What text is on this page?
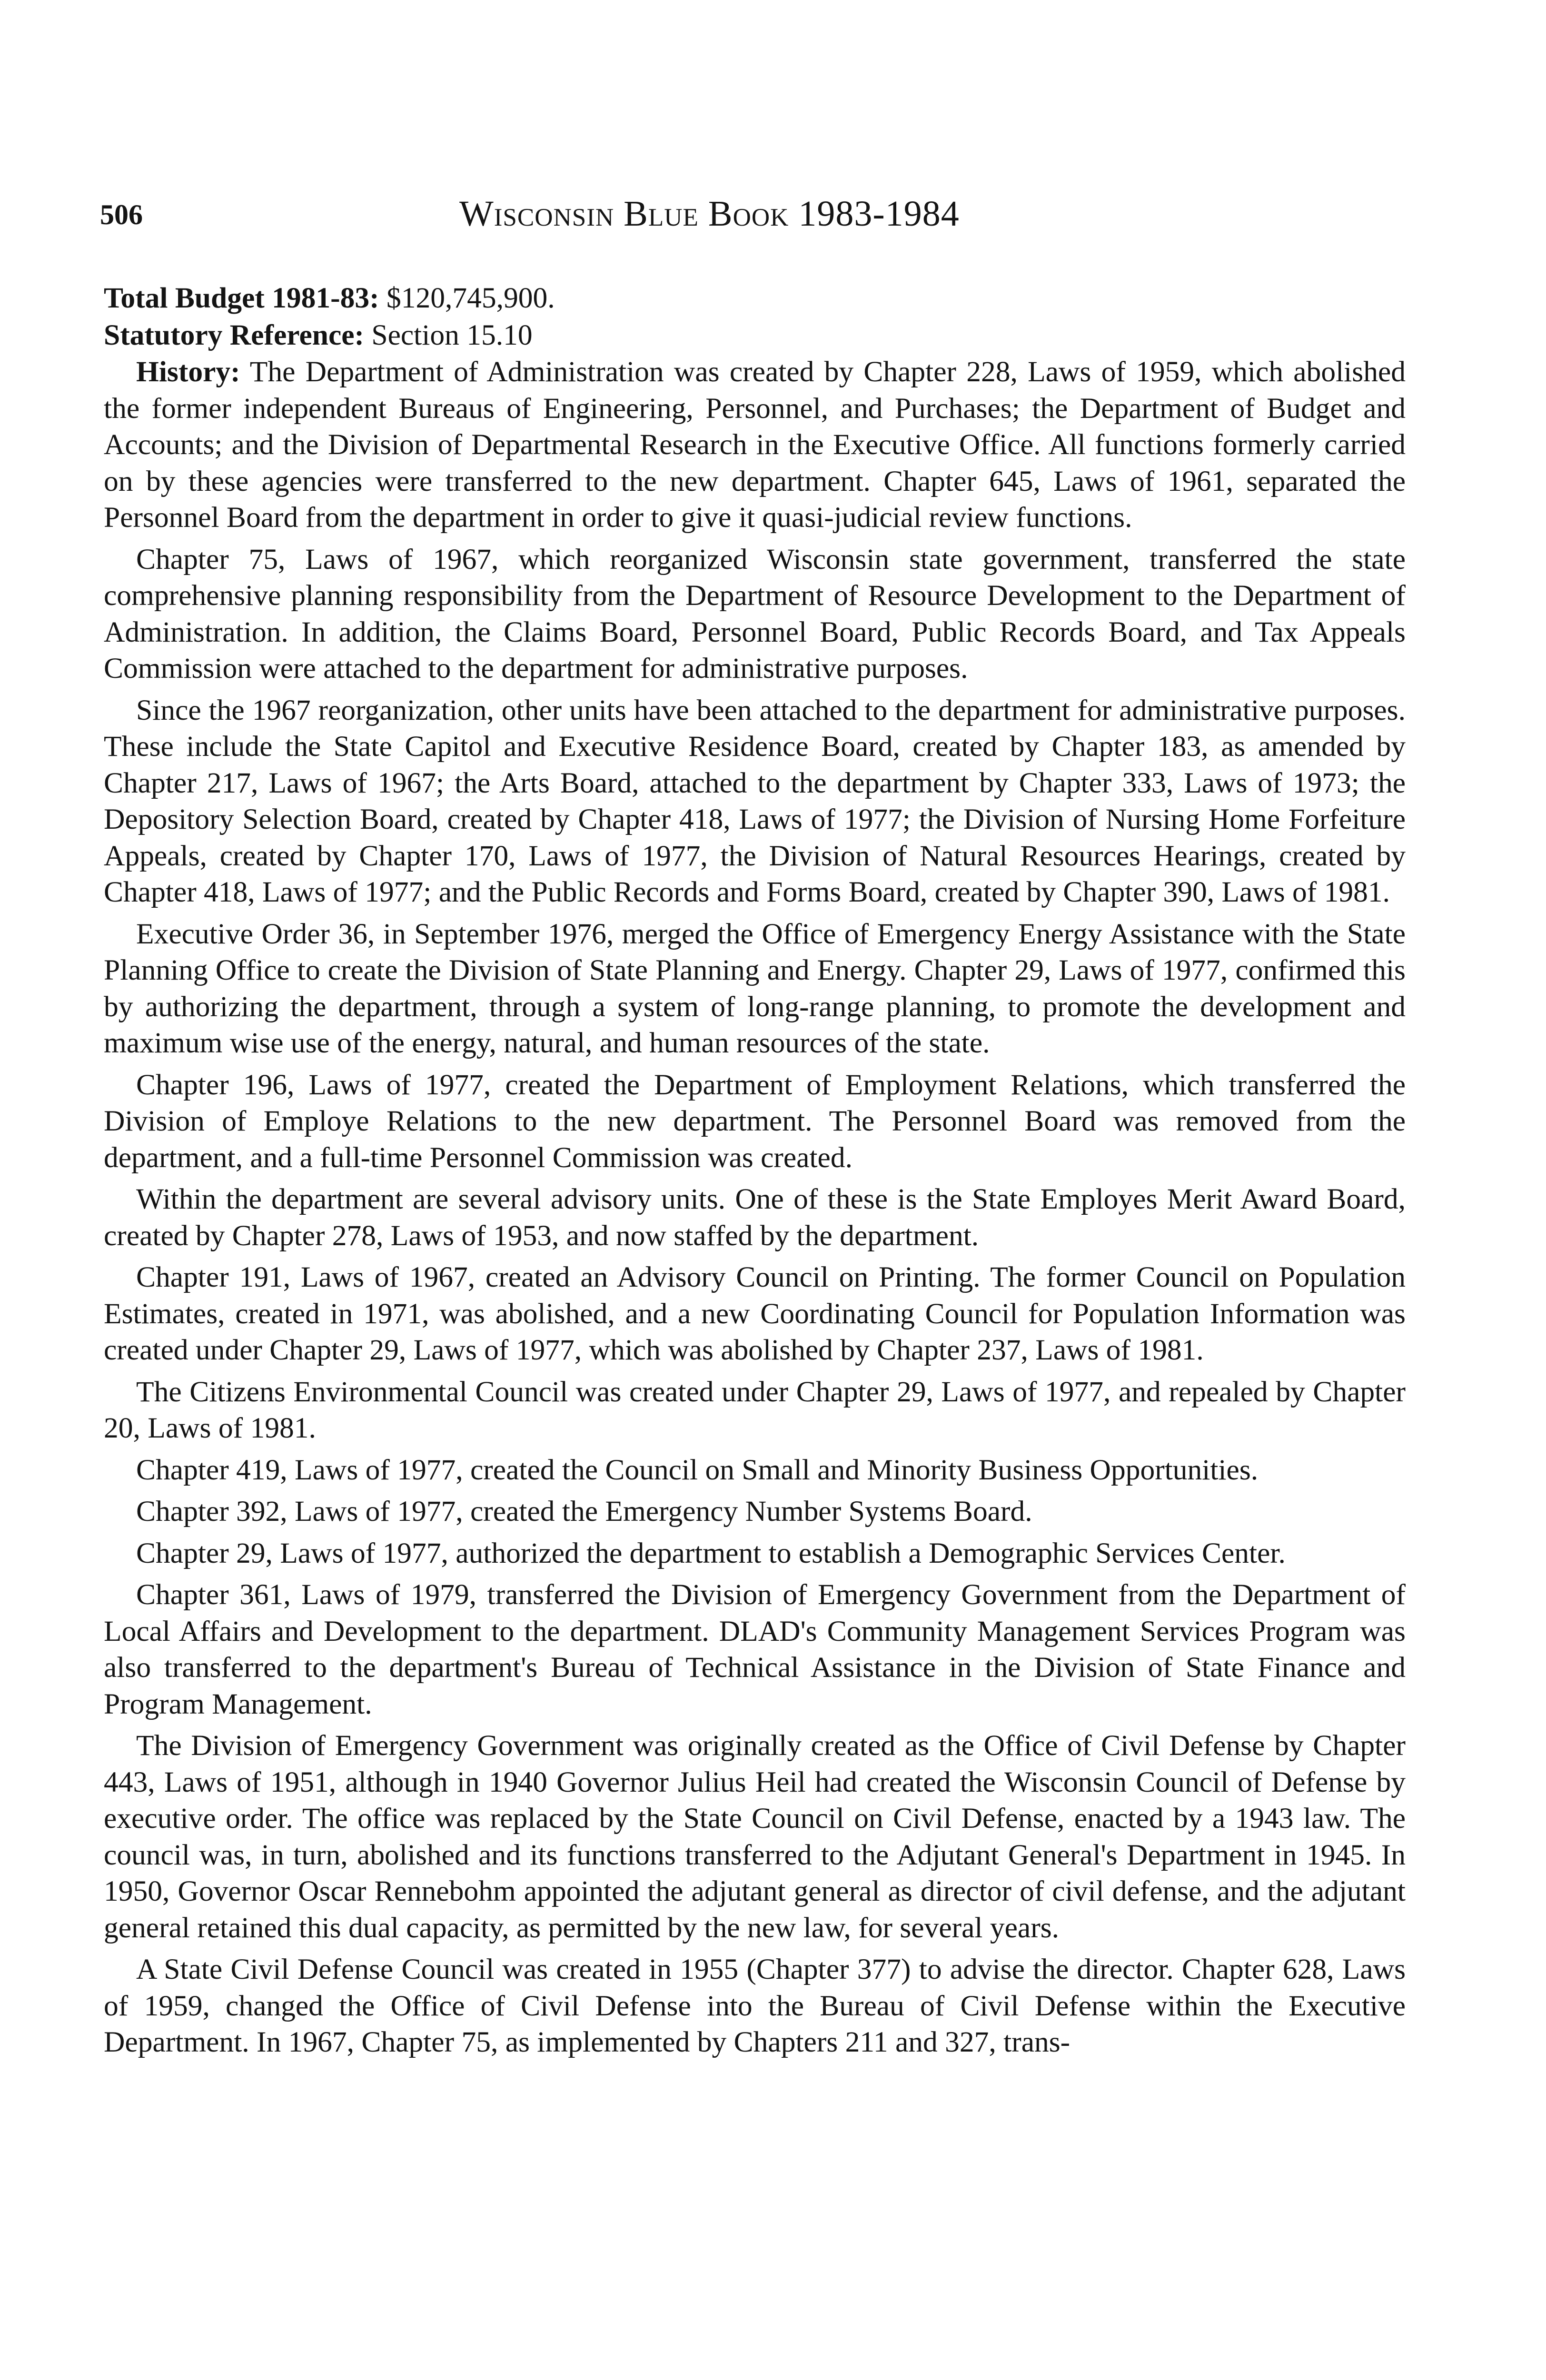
506	Wisconsin Blue Book 1983-1984
Total Budget 1981-83: $120,745,900.
Statutory Reference: Section 15.10

History: The Department of Administration was created by Chapter 228, Laws of 1959, which abolished the former independent Bureaus of Engineering, Personnel, and Purchases; the Department of Budget and Accounts; and the Division of Departmental Research in the Executive Office. All functions formerly carried on by these agencies were transferred to the new department. Chapter 645, Laws of 1961, separated the Personnel Board from the department in order to give it quasi-judicial review functions.

Chapter 75, Laws of 1967, which reorganized Wisconsin state government, transferred the state comprehensive planning responsibility from the Department of Resource Development to the Department of Administration. In addition, the Claims Board, Personnel Board, Public Records Board, and Tax Appeals Commission were attached to the department for administrative purposes.

Since the 1967 reorganization, other units have been attached to the department for administrative purposes. These include the State Capitol and Executive Residence Board, created by Chapter 183, as amended by Chapter 217, Laws of 1967; the Arts Board, attached to the department by Chapter 333, Laws of 1973; the Depository Selection Board, created by Chapter 418, Laws of 1977; the Division of Nursing Home Forfeiture Appeals, created by Chapter 170, Laws of 1977, the Division of Natural Resources Hearings, created by Chapter 418, Laws of 1977; and the Public Records and Forms Board, created by Chapter 390, Laws of 1981.

Executive Order 36, in September 1976, merged the Office of Emergency Energy Assistance with the State Planning Office to create the Division of State Planning and Energy. Chapter 29, Laws of 1977, confirmed this by authorizing the department, through a system of long-range planning, to promote the development and maximum wise use of the energy, natural, and human resources of the state.

Chapter 196, Laws of 1977, created the Department of Employment Relations, which transferred the Division of Employe Relations to the new department. The Personnel Board was removed from the department, and a full-time Personnel Commission was created.

Within the department are several advisory units. One of these is the State Employes Merit Award Board, created by Chapter 278, Laws of 1953, and now staffed by the department.

Chapter 191, Laws of 1967, created an Advisory Council on Printing. The former Council on Population Estimates, created in 1971, was abolished, and a new Coordinating Council for Population Information was created under Chapter 29, Laws of 1977, which was abolished by Chapter 237, Laws of 1981.

The Citizens Environmental Council was created under Chapter 29, Laws of 1977, and repealed by Chapter 20, Laws of 1981.

Chapter 419, Laws of 1977, created the Council on Small and Minority Business Opportunities.

Chapter 392, Laws of 1977, created the Emergency Number Systems Board.

Chapter 29, Laws of 1977, authorized the department to establish a Demographic Services Center.

Chapter 361, Laws of 1979, transferred the Division of Emergency Government from the Department of Local Affairs and Development to the department. DLAD's Community Management Services Program was also transferred to the department's Bureau of Technical Assistance in the Division of State Finance and Program Management.

The Division of Emergency Government was originally created as the Office of Civil Defense by Chapter 443, Laws of 1951, although in 1940 Governor Julius Heil had created the Wisconsin Council of Defense by executive order. The office was replaced by the State Council on Civil Defense, enacted by a 1943 law. The council was, in turn, abolished and its functions transferred to the Adjutant General's Department in 1945. In 1950, Governor Oscar Rennebohm appointed the adjutant general as director of civil defense, and the adjutant general retained this dual capacity, as permitted by the new law, for several years.

A State Civil Defense Council was created in 1955 (Chapter 377) to advise the director. Chapter 628, Laws of 1959, changed the Office of Civil Defense into the Bureau of Civil Defense within the Executive Department. In 1967, Chapter 75, as implemented by Chapters 211 and 327, trans-
